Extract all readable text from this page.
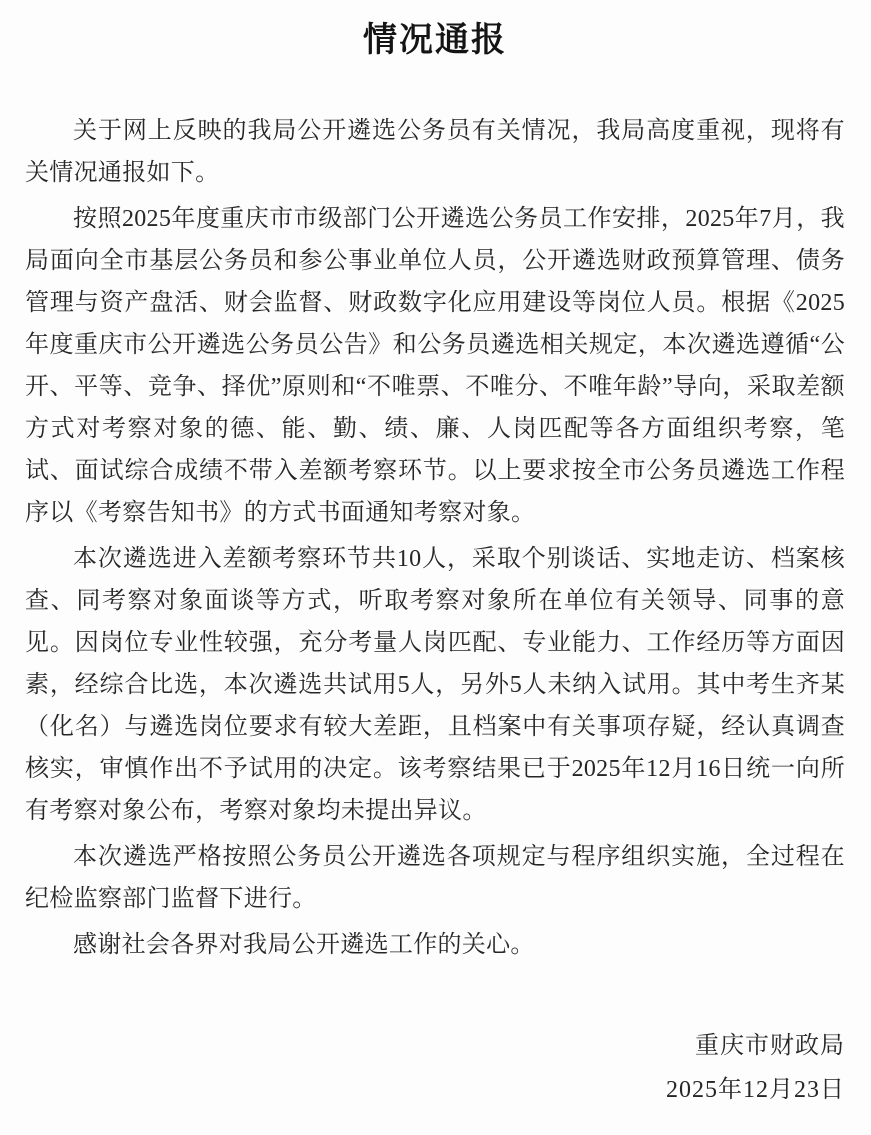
情况通报

关于网上反映的我局公开遴选公务员有关情况，我局高度重视，现将有关情况通报如下。

按照2025年度重庆市市级部门公开遴选公务员工作安排，2025年7月，我局面向全市基层公务员和参公事业单位人员，公开遴选财政预算管理、债务管理与资产盘活、财会监督、财政数字化应用建设等岗位人员。根据《2025年度重庆市公开遴选公务员公告》和公务员遴选相关规定，本次遴选遵循“公开、平等、竞争、择优”原则和“不唯票、不唯分、不唯年龄”导向，采取差额方式对考察对象的德、能、勤、绩、廉、人岗匹配等各方面组织考察，笔试、面试综合成绩不带入差额考察环节。以上要求按全市公务员遴选工作程序以《考察告知书》的方式书面通知考察对象。

本次遴选进入差额考察环节共10人，采取个别谈话、实地走访、档案核查、同考察对象面谈等方式，听取考察对象所在单位有关领导、同事的意见。因岗位专业性较强，充分考量人岗匹配、专业能力、工作经历等方面因素，经综合比选，本次遴选共试用5人，另外5人未纳入试用。其中考生齐某（化名）与遴选岗位要求有较大差距，且档案中有关事项存疑，经认真调查核实，审慎作出不予试用的决定。该考察结果已于2025年12月16日统一向所有考察对象公布，考察对象均未提出异议。

本次遴选严格按照公务员公开遴选各项规定与程序组织实施，全过程在纪检监察部门监督下进行。

感谢社会各界对我局公开遴选工作的关心。

重庆市财政局

2025年12月23日
